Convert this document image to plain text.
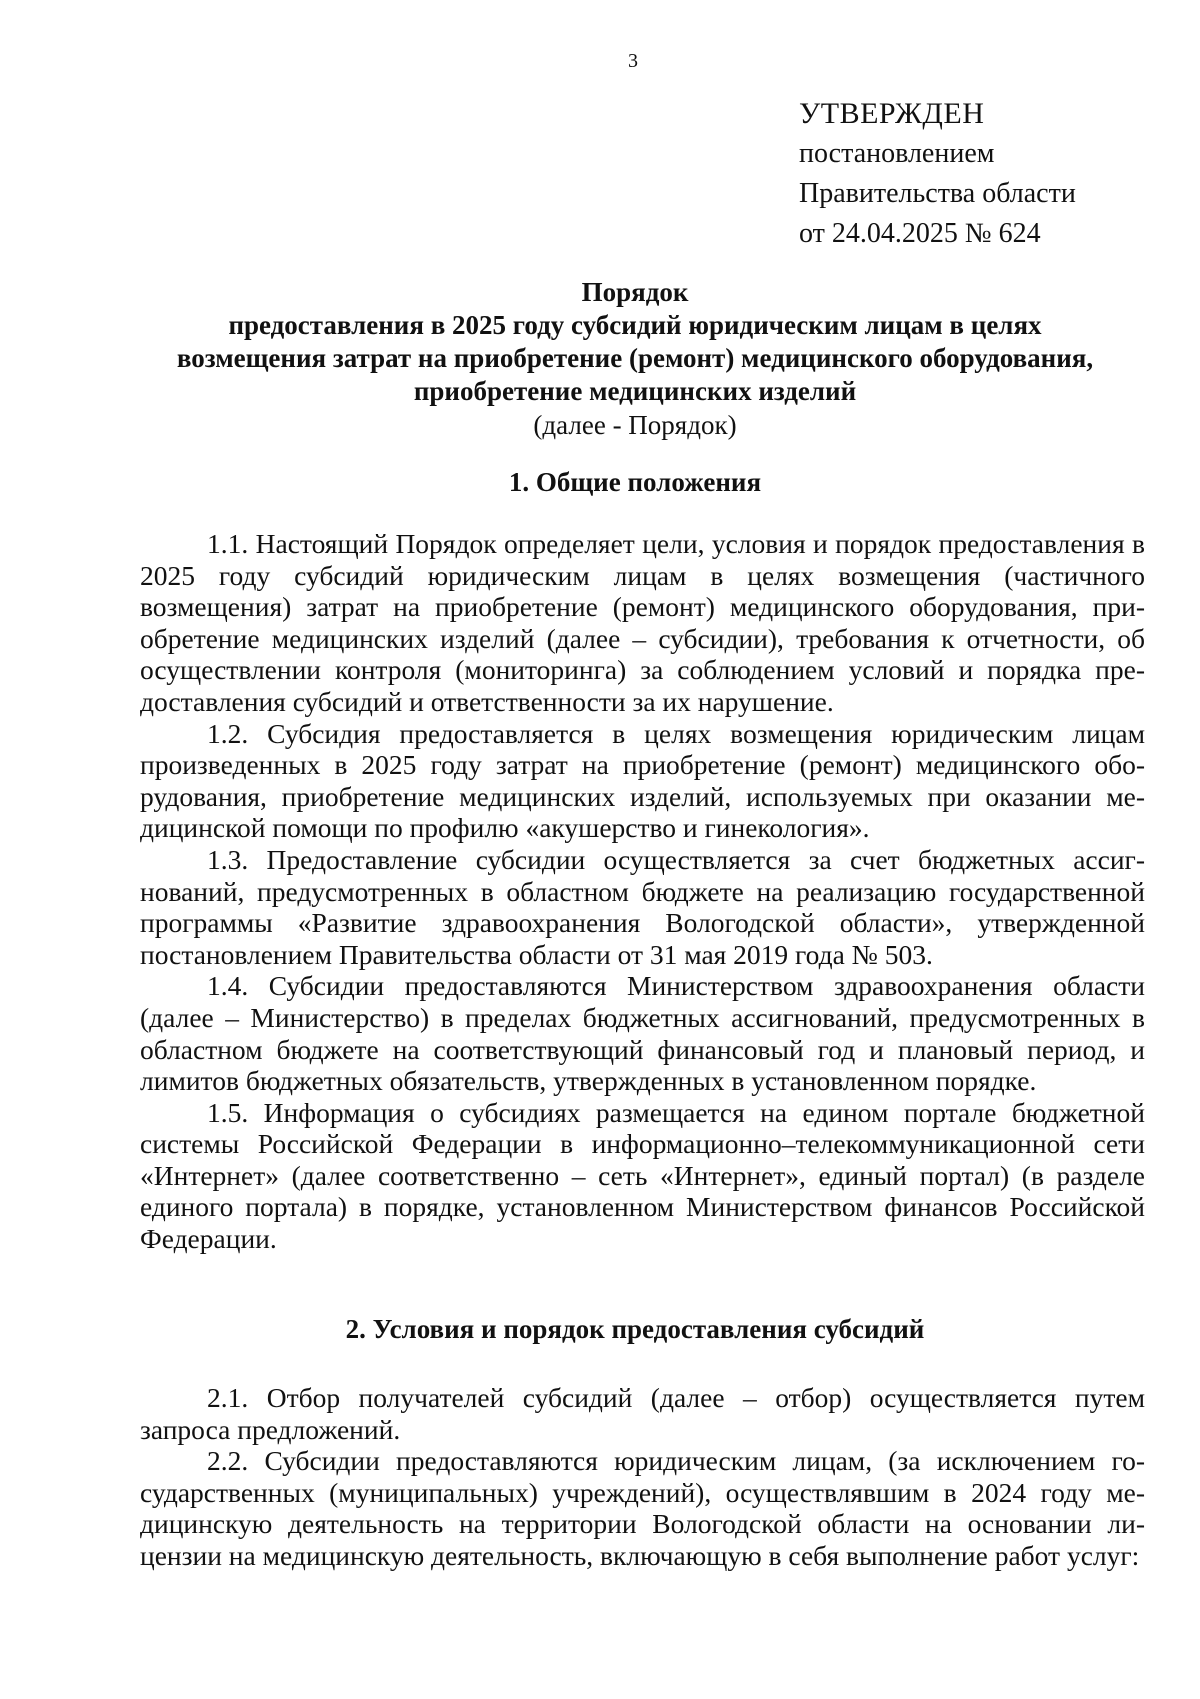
3
УТВЕРЖДЕН
постановлением
Правительства области
от 24.04.2025 № 624
Порядок
предоставления в 2025 году субсидий юридическим лицам в целях
возмещения затрат на приобретение (ремонт) медицинского оборудования,
приобретение медицинских изделий
(далее - Порядок)
1. Общие положения

1.1. Настоящий Порядок определяет цели, условия и порядок предоставления в 2025 году субсидий юридическим лицам в целях возмещения (частичного возмещения) затрат на приобретение (ремонт) медицинского оборудования, приобретение медицинских изделий (далее – субсидии), требования к отчетности, об осуществлении контроля (мониторинга) за соблюдением условий и порядка предоставления субсидий и ответственности за их нарушение.

1.2. Субсидия предоставляется в целях возмещения юридическим лицам произведенных в 2025 году затрат на приобретение (ремонт) медицинского оборудования, приобретение медицинских изделий, используемых при оказании медицинской помощи по профилю «акушерство и гинекология».

1.3. Предоставление субсидии осуществляется за счет бюджетных ассигнований, предусмотренных в областном бюджете на реализацию государственной программы «Развитие здравоохранения Вологодской области», утвержденной постановлением Правительства области от 31 мая 2019 года № 503.

1.4. Субсидии предоставляются Министерством здравоохранения области (далее – Министерство) в пределах бюджетных ассигнований, предусмотренных в областном бюджете на соответствующий финансовый год и плановый период, и лимитов бюджетных обязательств, утвержденных в установленном порядке.

1.5. Информация о субсидиях размещается на едином портале бюджетной системы Российской Федерации в информационно–телекоммуникационной сети «Интернет» (далее соответственно – сеть «Интернет», единый портал) (в разделе единого портала) в порядке, установленном Министерством финансов Российской Федерации.

2. Условия и порядок предоставления субсидий

2.1. Отбор получателей субсидий (далее – отбор) осуществляется путем запроса предложений.

2.2. Субсидии предоставляются юридическим лицам, (за исключением государственных (муниципальных) учреждений), осуществлявшим в 2024 году медицинскую деятельность на территории Вологодской области на основании лицензии на медицинскую деятельность, включающую в себя выполнение работ услуг:
